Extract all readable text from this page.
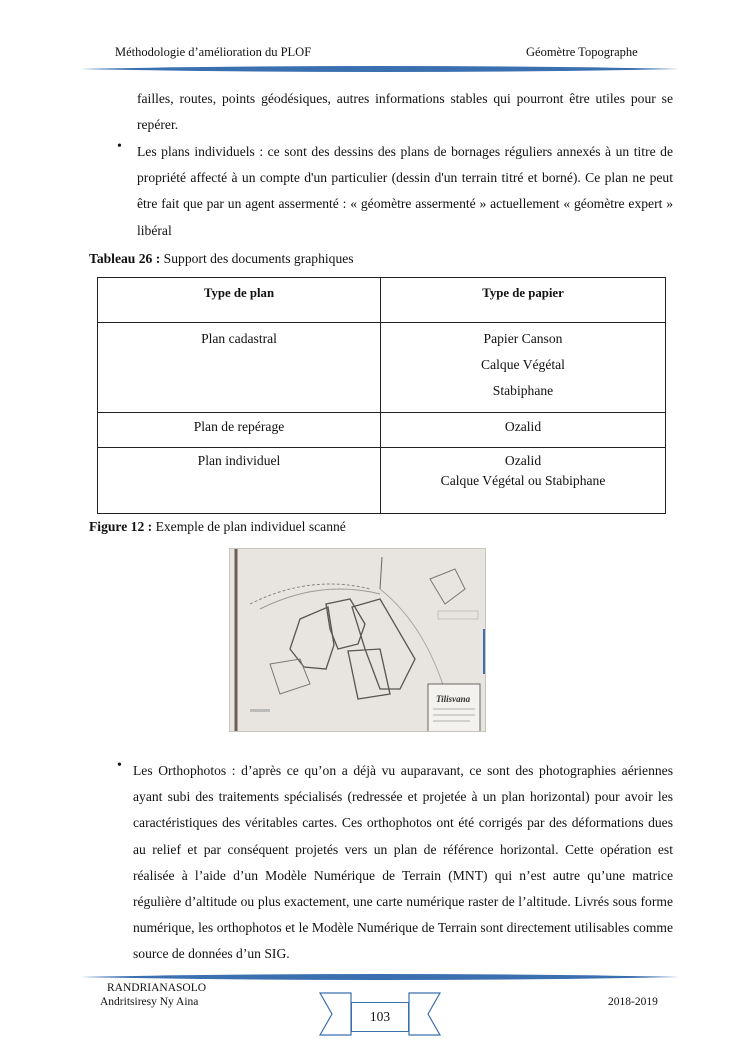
Méthodologie d’amélioration du PLOF	Géomètre Topographe
failles, routes, points géodésiques, autres informations stables qui pourront être utiles pour se repérer.
• Les plans individuels : ce sont des dessins des plans de bornages réguliers annexés à un titre de propriété affecté à un compte d'un particulier (dessin d'un terrain titré et borné). Ce plan ne peut être fait que par un agent assermenté : « géomètre assermenté » actuellement « géomètre expert » libéral
Tableau 26 : Support des documents graphiques
Type de plan	Type de papier

Plan cadastral	Papier Canson
Calque Végétal
Stabiphane

Plan de repérage	Ozalid

Plan individuel	Ozalid
Calque Végétal ou Stabiphane
Figure 12 : Exemple de plan individuel scanné
Tilisvana
• Les Orthophotos : d’après ce qu’on a déjà vu auparavant, ce sont des photographies aériennes ayant subi des traitements spécialisés (redressée et projetée à un plan horizontal) pour avoir les caractéristiques des véritables cartes. Ces orthophotos ont été corrigés par des déformations dues au relief et par conséquent projetés vers un plan de référence horizontal. Cette opération est réalisée à l’aide d’un Modèle Numérique de Terrain (MNT) qui n’est autre qu’une matrice régulière d’altitude ou plus exactement, une carte numérique raster de l’altitude. Livrés sous forme numérique, les orthophotos et le Modèle Numérique de Terrain sont directement utilisables comme source de données d’un SIG.
RANDRIANASOLO
Andritsiresy Ny Aina	2018-2019
103
